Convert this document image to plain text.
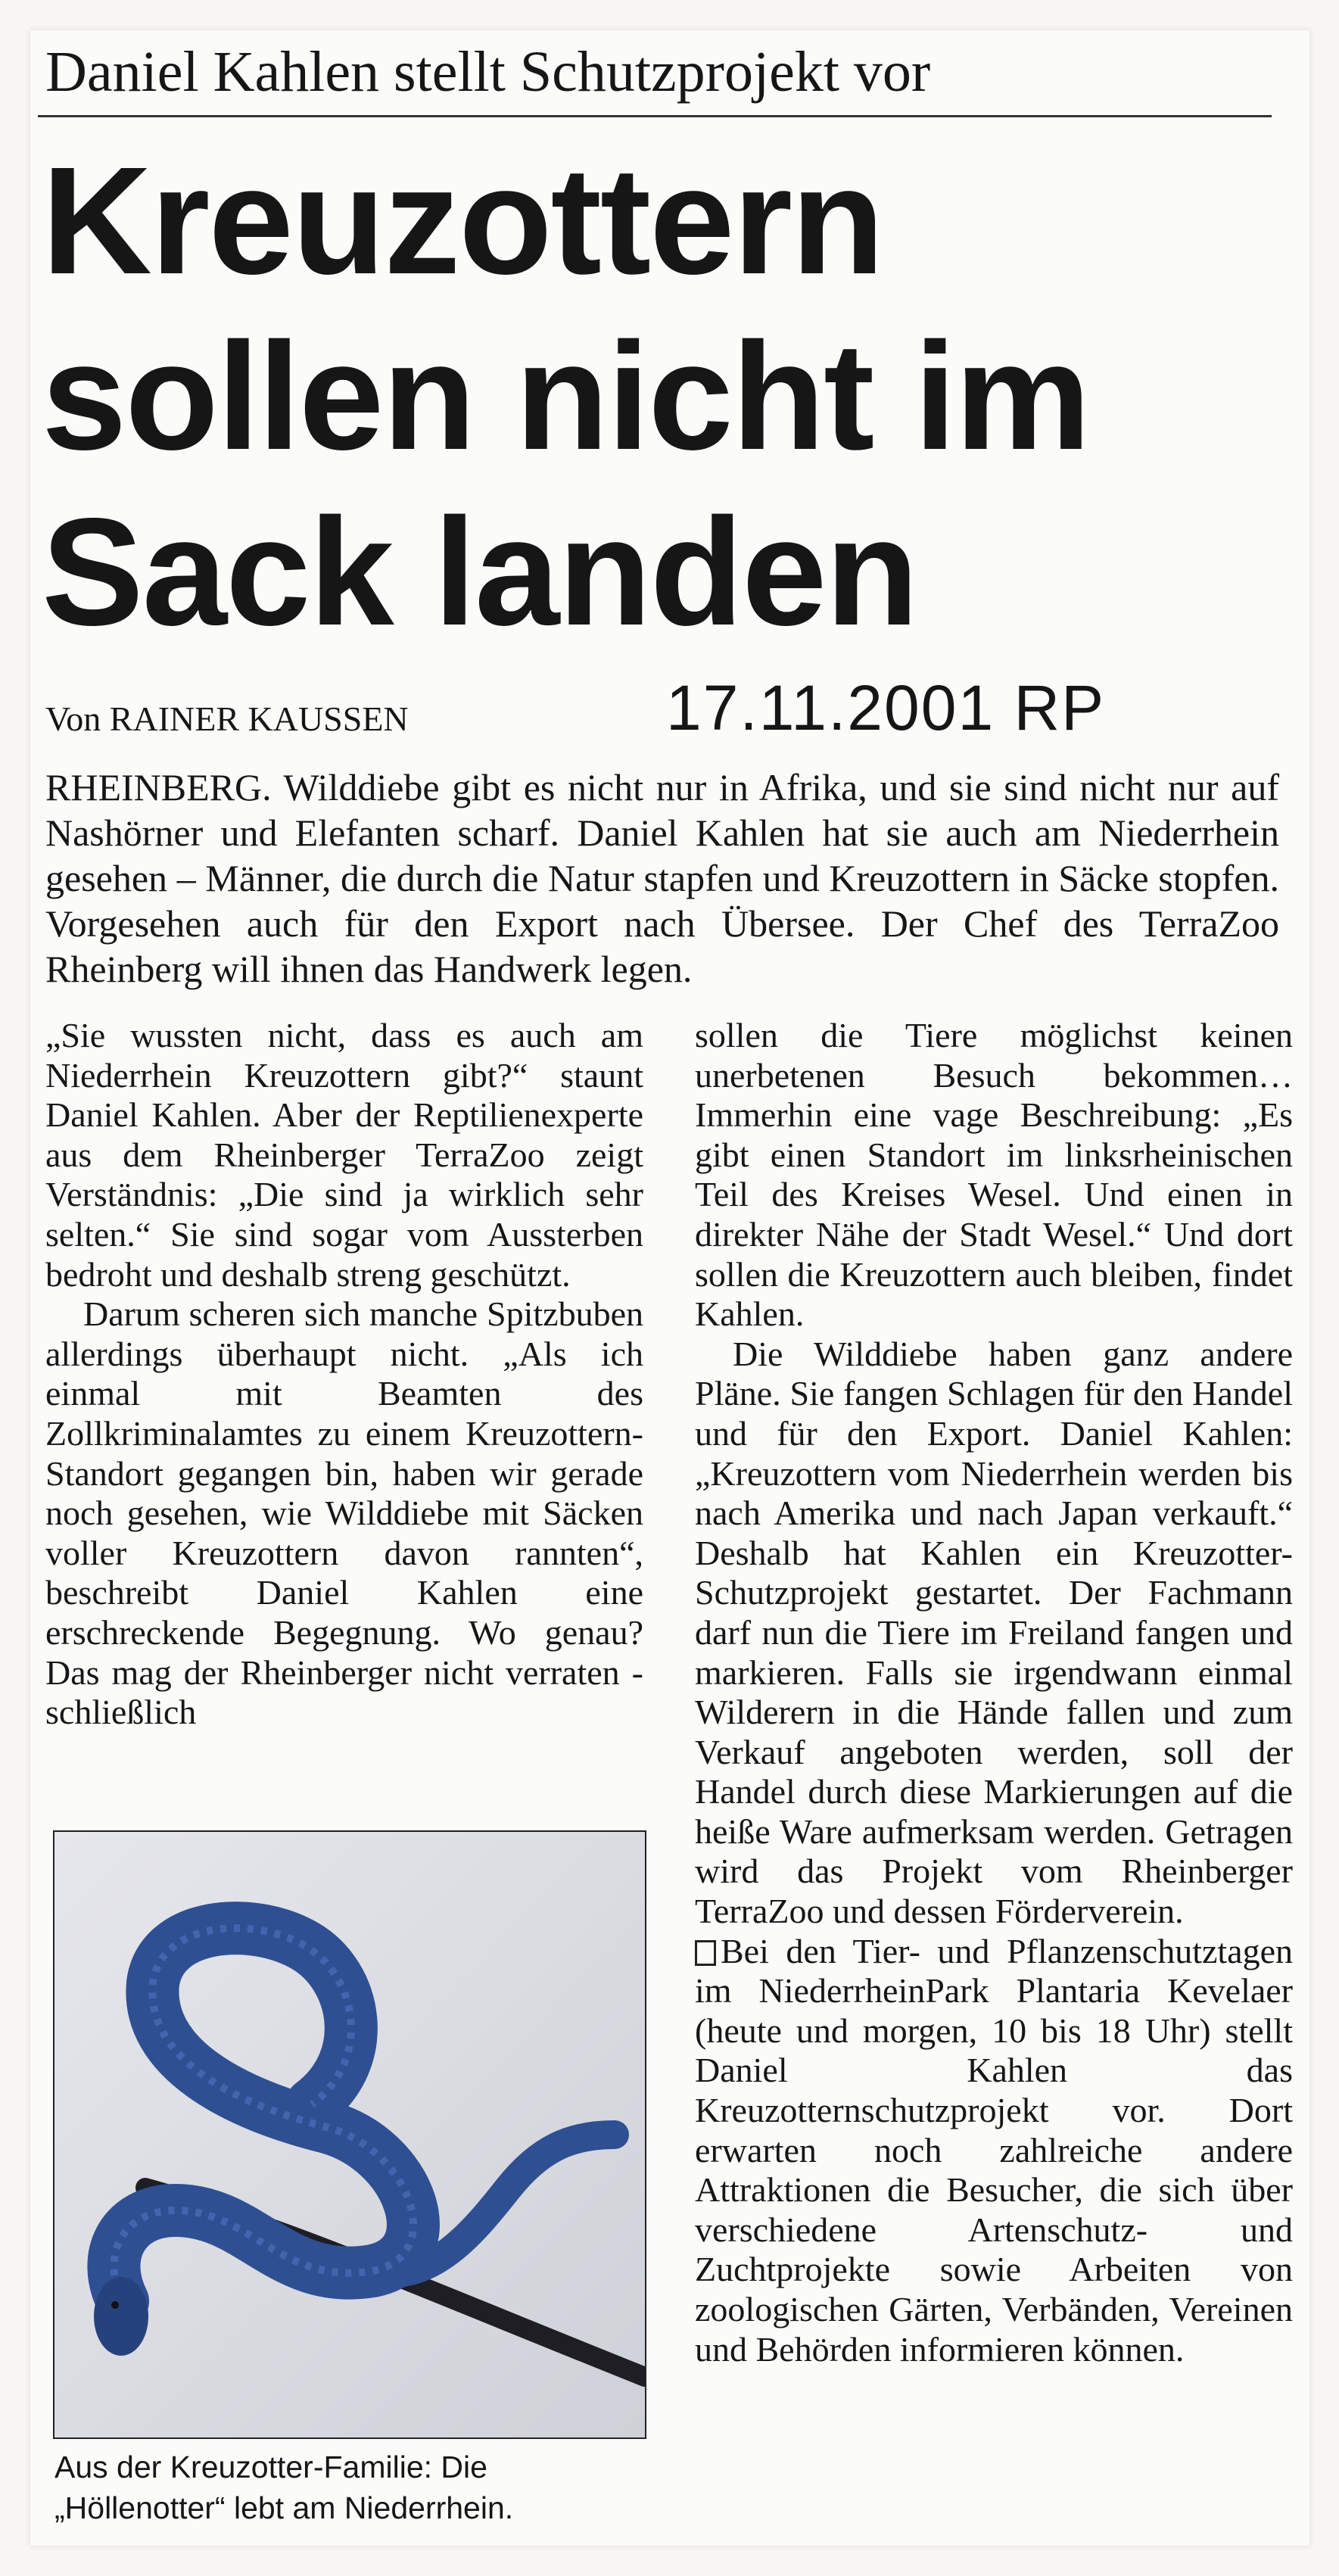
Daniel Kahlen stellt Schutzprojekt vor
Kreuzottern
sollen nicht im
Sack landen
Von RAINER KAUSSEN	17.11.2001 RP
RHEINBERG. Wilddiebe gibt es nicht nur in Afrika, und sie sind nicht nur auf Nashörner und Elefanten scharf. Daniel Kahlen hat sie auch am Niederrhein gesehen – Männer, die durch die Natur stapfen und Kreuzottern in Säcke stopfen. Vorgesehen auch für den Export nach Übersee. Der Chef des TerraZoo Rheinberg will ihnen das Handwerk legen.

„Sie wussten nicht, dass es auch am Niederrhein Kreuzottern gibt?“ staunt Daniel Kahlen. Aber der Reptilienexperte aus dem Rheinberger TerraZoo zeigt Verständnis: „Die sind ja wirklich sehr selten.“ Sie sind sogar vom Aussterben bedroht und deshalb streng geschützt.

Darum scheren sich manche Spitzbuben allerdings überhaupt nicht. „Als ich einmal mit Beamten des Zollkriminalamtes zu einem Kreuzottern-Standort gegangen bin, haben wir gerade noch gesehen, wie Wilddiebe mit Säcken voller Kreuzottern davon rannten“, beschreibt Daniel Kahlen eine erschreckende Begegnung. Wo genau? Das mag der Rheinberger nicht verraten - schließlich

sollen die Tiere möglichst keinen unerbetenen Besuch bekommen… Immerhin eine vage Beschreibung: „Es gibt einen Standort im linksrheinischen Teil des Kreises Wesel. Und einen in direkter Nähe der Stadt Wesel.“ Und dort sollen die Kreuzottern auch bleiben, findet Kahlen.

Die Wilddiebe haben ganz andere Pläne. Sie fangen Schlagen für den Handel und für den Export. Daniel Kahlen: „Kreuzottern vom Niederrhein werden bis nach Amerika und nach Japan verkauft.“ Deshalb hat Kahlen ein Kreuzotter-Schutzprojekt gestartet. Der Fachmann darf nun die Tiere im Freiland fangen und markieren. Falls sie irgendwann einmal Wilderern in die Hände fallen und zum Verkauf angeboten werden, soll der Handel durch diese Markierungen auf die heiße Ware aufmerksam werden. Getragen wird das Projekt vom Rheinberger TerraZoo und dessen Förderverein.

Bei den Tier- und Pflanzenschutztagen im NiederrheinPark Plantaria Kevelaer (heute und morgen, 10 bis 18 Uhr) stellt Daniel Kahlen das Kreuzotternschutzprojekt vor. Dort erwarten noch zahlreiche andere Attraktionen die Besucher, die sich über verschiedene Artenschutz- und Zuchtprojekte sowie Arbeiten von zoologischen Gärten, Verbänden, Vereinen und Behörden informieren können.

Aus der Kreuzotter-Familie: Die „Höllenotter“ lebt am Niederrhein.
